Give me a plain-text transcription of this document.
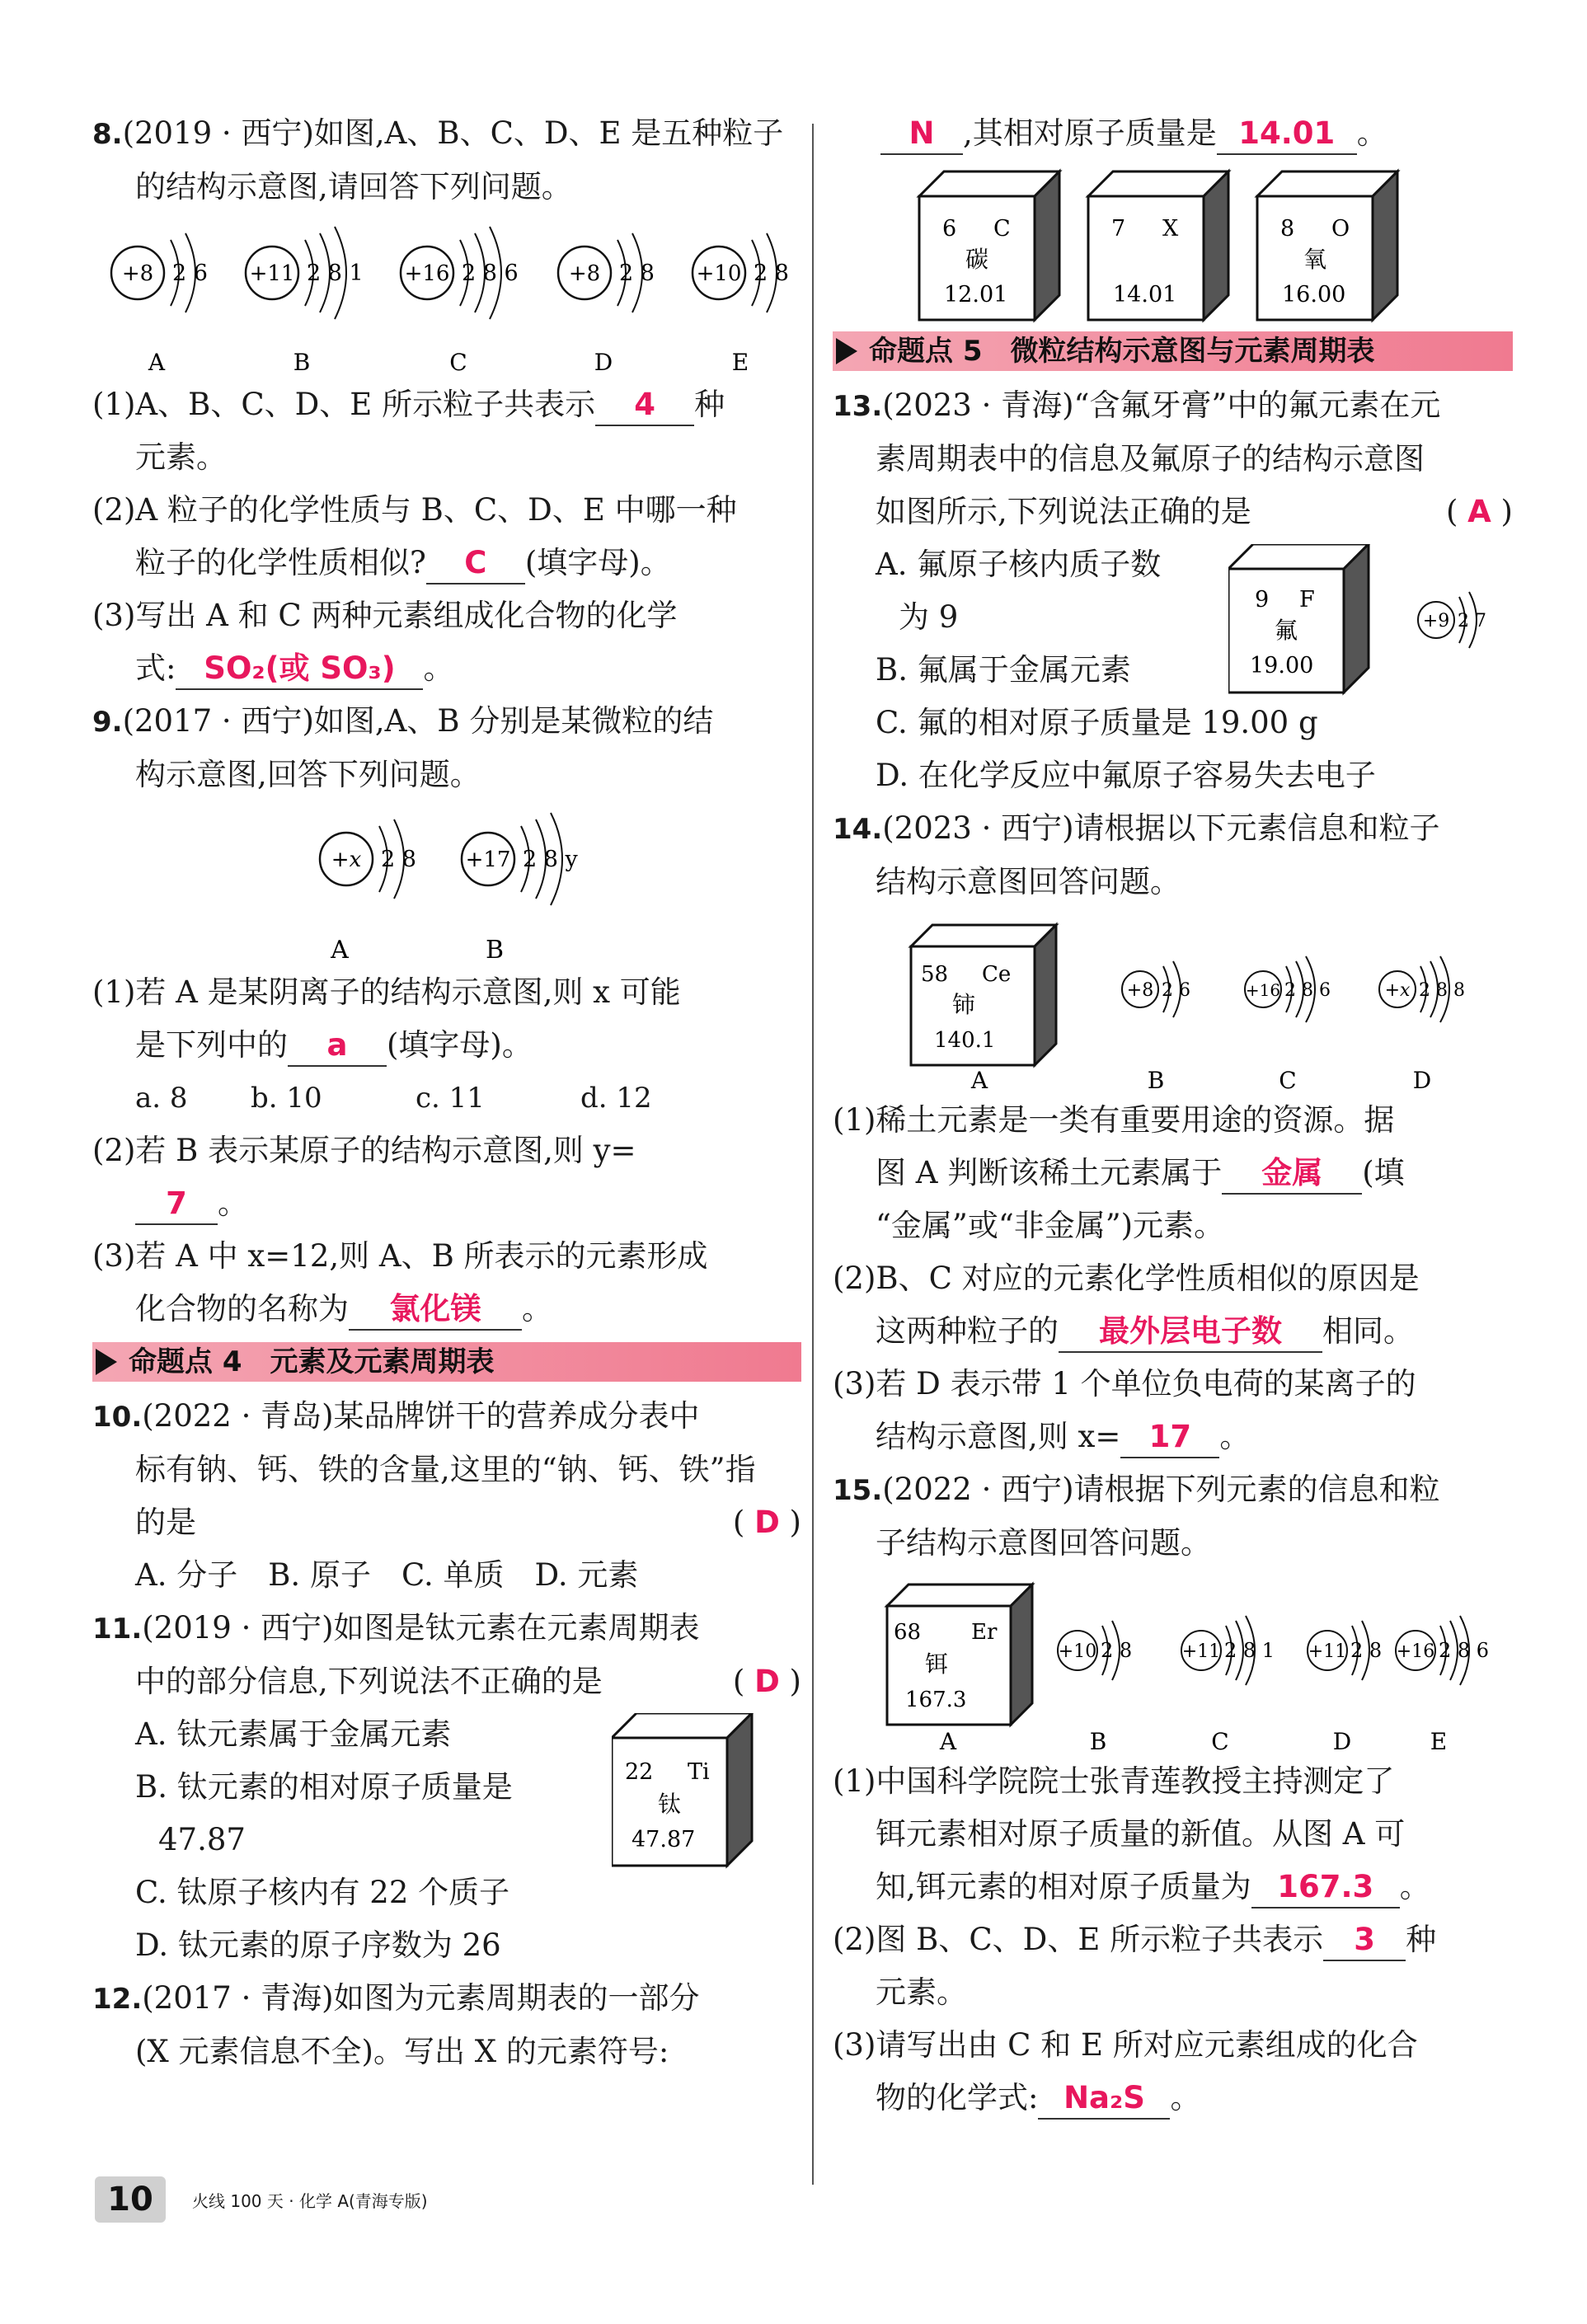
8.(2019 · 西宁)如图,A、B、C、D、E 是五种粒子
的结构示意图,请回答下列问题。
+8 2 6 +11 2 8 1 +16 2 8 6 +8 2 8 +10 2 8
A	B	C	D	E
(1)A、B、C、D、E 所示粒子共表示 4 种
元素。
(2)A 粒子的化学性质与 B、C、D、E 中哪一种
粒子的化学性质相似? C (填字母)。
(3)写出 A 和 C 两种元素组成化合物的化学
式: SO₂(或 SO₃) 。
9.(2017 · 西宁)如图,A、B 分别是某微粒的结
构示意图,回答下列问题。
+x 2 8 +17 2 8 y
A	B
(1)若 A 是某阴离子的结构示意图,则 x 可能
是下列中的 a (填字母)。
a. 8 b. 10	c. 11	d. 12
(2)若 B 表示某原子的结构示意图,则 y=
7 。
(3)若 A 中 x=12,则 A、B 所表示的元素形成
化合物的名称为 氯化镁 。
命题点 4　元素及元素周期表
10.(2022 · 青岛)某品牌饼干的营养成分表中
标有钠、钙、铁的含量,这里的“钠、钙、铁”指
的是	( D )
A. 分子　B. 原子　C. 单质　D. 元素
11.(2019 · 西宁)如图是钛元素在元素周期表
中的部分信息,下列说法不正确的是	( D )
A. 钛元素属于金属元素
B. 钛元素的相对原子质量是
47.87
C. 钛原子核内有 22 个质子
D. 钛元素的原子序数为 26
22 Ti
钛
47.87
12.(2017 · 青海)如图为元素周期表的一部分
(X 元素信息不全)。写出 X 的元素符号:
N ,其相对原子质量是 14.01 。
6 C
碳
12.01
7 X
14.01
8 O
氧
16.00
命题点 5　微粒结构示意图与元素周期表
13.(2023 · 青海)“含氟牙膏”中的氟元素在元
素周期表中的信息及氟原子的结构示意图
如图所示,下列说法正确的是	( A )
A. 氟原子核内质子数
为 9
B. 氟属于金属元素
C. 氟的相对原子质量是 19.00 g
D. 在化学反应中氟原子容易失去电子
9 F
氟
19.00
+9 2 7
14.(2023 · 西宁)请根据以下元素信息和粒子
结构示意图回答问题。
58 Ce
铈
140.1
+8 2 6	+16 2 8 6	+x 2 8 8
A	B	C	D
(1)稀土元素是一类有重要用途的资源。据
图 A 判断该稀土元素属于 金属 (填
“金属”或“非金属”)元素。
(2)B、C 对应的元素化学性质相似的原因是
这两种粒子的 最外层电子数 相同。
(3)若 D 表示带 1 个单位负电荷的某离子的
结构示意图,则 x= 17 。
15.(2022 · 西宁)请根据下列元素的信息和粒
子结构示意图回答问题。
68 Er
铒
167.3
+10 2 8	+11 2 8 1 +11 2 8 +16 2 8 6
A	B	C	D	E
(1)中国科学院院士张青莲教授主持测定了
铒元素相对原子质量的新值。从图 A 可
知,铒元素的相对原子质量为 167.3 。
(2)图 B、C、D、E 所示粒子共表示 3 种
元素。
(3)请写出由 C 和 E 所对应元素组成的化合
物的化学式: Na₂S 。
10	火线 100 天 · 化学 A(青海专版)
